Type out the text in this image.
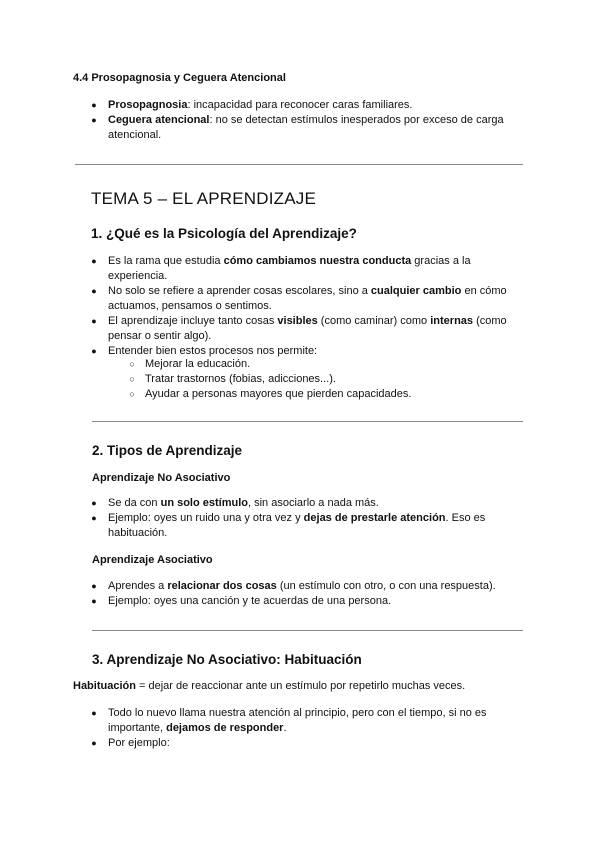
4.4 Prosopagnosia y Ceguera Atencional

● Prosopagnosia: incapacidad para reconocer caras familiares.
● Ceguera atencional: no se detectan estímulos inesperados por exceso de carga
atencional.
TEMA 5 – EL APRENDIZAJE
1. ¿Qué es la Psicología del Aprendizaje?
● Es la rama que estudia cómo cambiamos nuestra conducta gracias a la
experiencia.
● No solo se refiere a aprender cosas escolares, sino a cualquier cambio en cómo
actuamos, pensamos o sentimos.
● El aprendizaje incluye tanto cosas visibles (como caminar) como internas (como
pensar o sentir algo).
● Entender bien estos procesos nos permite:
○ Mejorar la educación.
○ Tratar trastornos (fobias, adicciones...).
○ Ayudar a personas mayores que pierden capacidades.
2. Tipos de Aprendizaje

Aprendizaje No Asociativo

● Se da con un solo estímulo, sin asociarlo a nada más.
● Ejemplo: oyes un ruido una y otra vez y dejas de prestarle atención. Eso es
habituación.

Aprendizaje Asociativo

● Aprendes a relacionar dos cosas (un estímulo con otro, o con una respuesta).
● Ejemplo: oyes una canción y te acuerdas de una persona.
3. Aprendizaje No Asociativo: Habituación

Habituación = dejar de reaccionar ante un estímulo por repetirlo muchas veces.

● Todo lo nuevo llama nuestra atención al principio, pero con el tiempo, si no es
importante, dejamos de responder.
● Por ejemplo:
